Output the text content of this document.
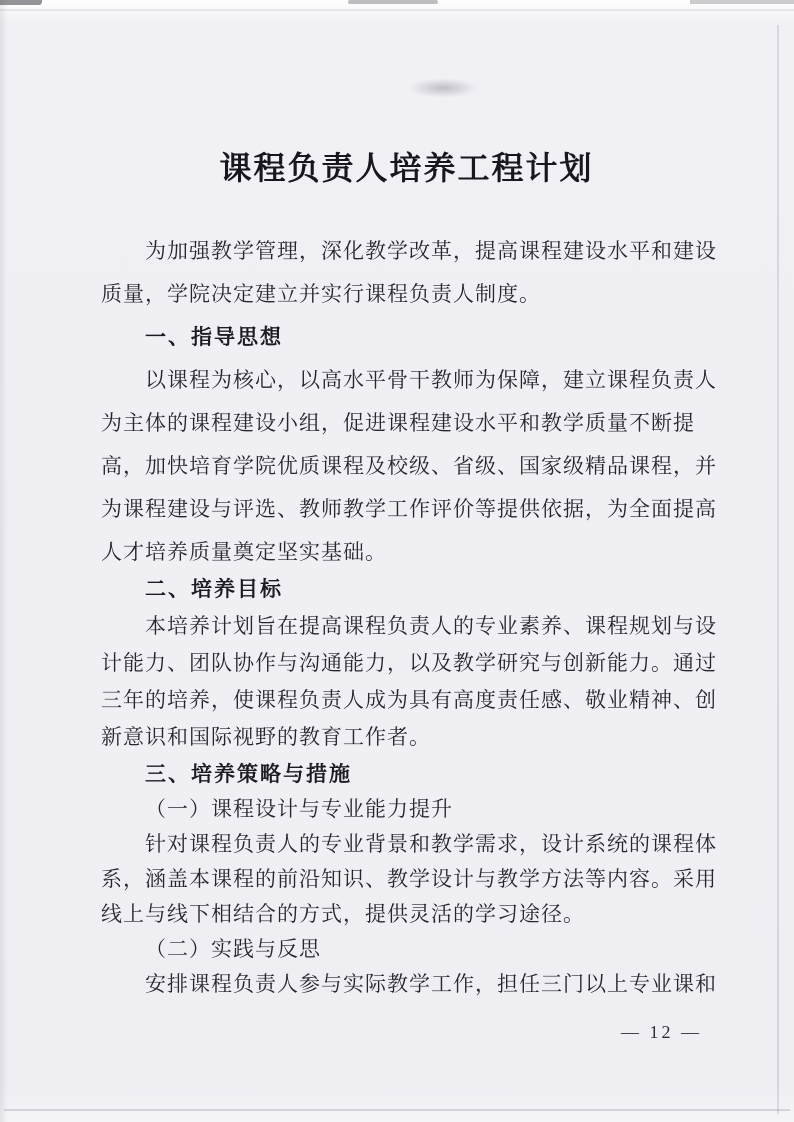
课程负责人培养工程计划
为加强教学管理，深化教学改革，提高课程建设水平和建设
质量，学院决定建立并实行课程负责人制度。
一、指导思想
以课程为核心，以高水平骨干教师为保障，建立课程负责人
为主体的课程建设小组，促进课程建设水平和教学质量不断提
高，加快培育学院优质课程及校级、省级、国家级精品课程，并
为课程建设与评选、教师教学工作评价等提供依据，为全面提高
人才培养质量奠定坚实基础。
二、培养目标
本培养计划旨在提高课程负责人的专业素养、课程规划与设
计能力、团队协作与沟通能力，以及教学研究与创新能力。通过
三年的培养，使课程负责人成为具有高度责任感、敬业精神、创
新意识和国际视野的教育工作者。
三、培养策略与措施
（一）课程设计与专业能力提升
针对课程负责人的专业背景和教学需求，设计系统的课程体
系，涵盖本课程的前沿知识、教学设计与教学方法等内容。采用
线上与线下相结合的方式，提供灵活的学习途径。
（二）实践与反思
安排课程负责人参与实际教学工作，担任三门以上专业课和
— 12 —
